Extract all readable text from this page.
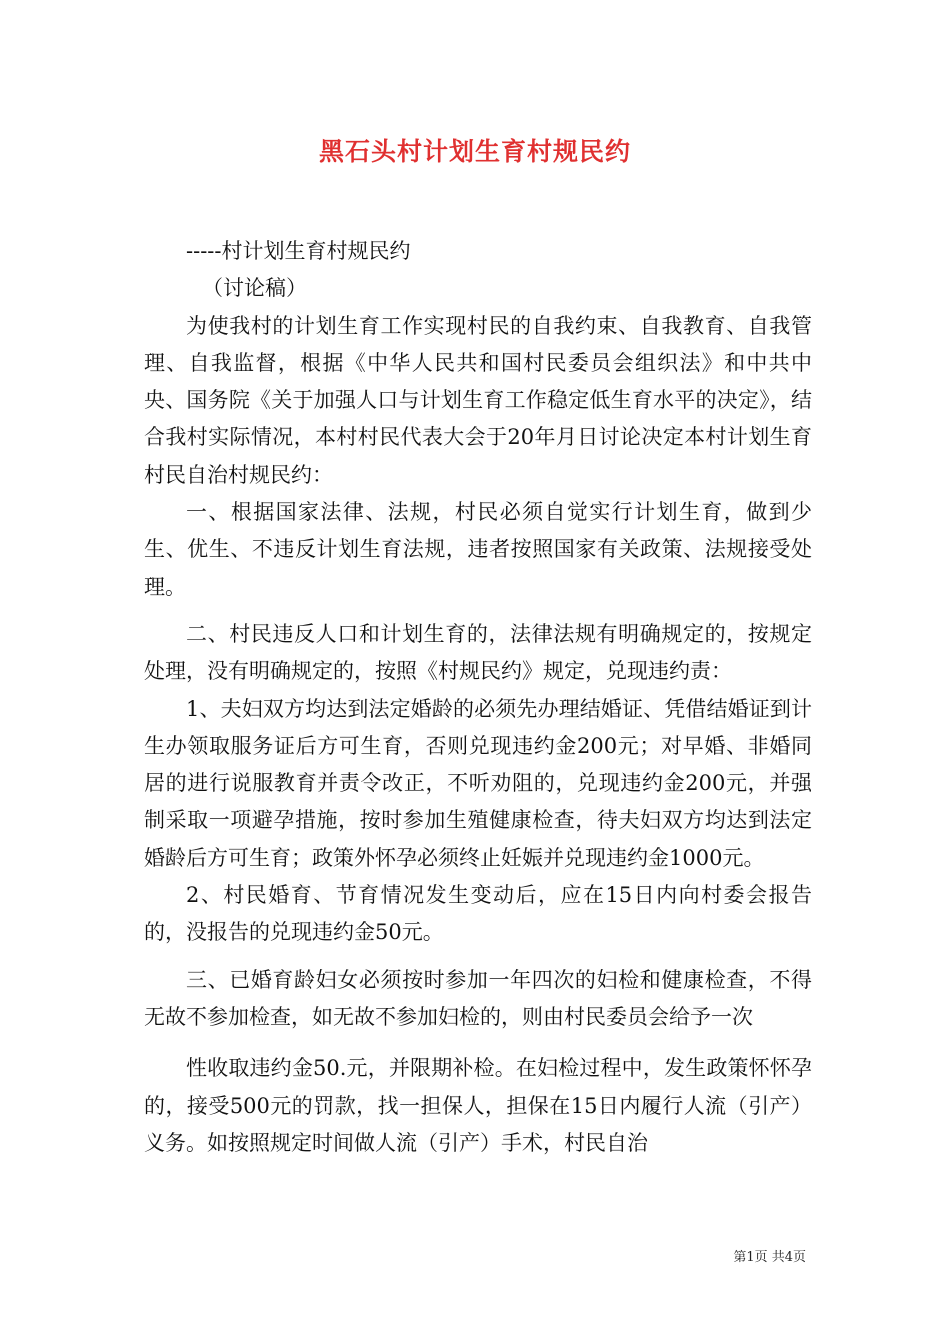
黑石头村计划生育村规民约

-----村计划生育村规民约

（讨论稿）

为使我村的计划生育工作实现村民的自我约束、自我教育、自我管理、自我监督，根据《中华人民共和国村民委员会组织法》和中共中央、国务院《关于加强人口与计划生育工作稳定低生育水平的决定》，结合我村实际情况，本村村民代表大会于20年月日讨论决定本村计划生育村民自治村规民约：

一、根据国家法律、法规，村民必须自觉实行计划生育，做到少生、优生、不违反计划生育法规，违者按照国家有关政策、法规接受处理。

二、村民违反人口和计划生育的，法律法规有明确规定的，按规定处理，没有明确规定的，按照《村规民约》规定，兑现违约责：

1、夫妇双方均达到法定婚龄的必须先办理结婚证、凭借结婚证到计生办领取服务证后方可生育，否则兑现违约金200元；对早婚、非婚同居的进行说服教育并责令改正，不听劝阻的，兑现违约金200元，并强制采取一项避孕措施，按时参加生殖健康检查，待夫妇双方均达到法定婚龄后方可生育；政策外怀孕必须终止妊娠并兑现违约金1000元。

2、村民婚育、节育情况发生变动后，应在15日内向村委会报告的，没报告的兑现违约金50元。

三、已婚育龄妇女必须按时参加一年四次的妇检和健康检查，不得无故不参加检查，如无故不参加妇检的，则由村民委员会给予一次

性收取违约金50.元，并限期补检。在妇检过程中，发生政策怀怀孕的，接受500元的罚款，找一担保人，担保在15日内履行人流（引产）义务。如按照规定时间做人流（引产）手术，村民自治

第1页 共4页
